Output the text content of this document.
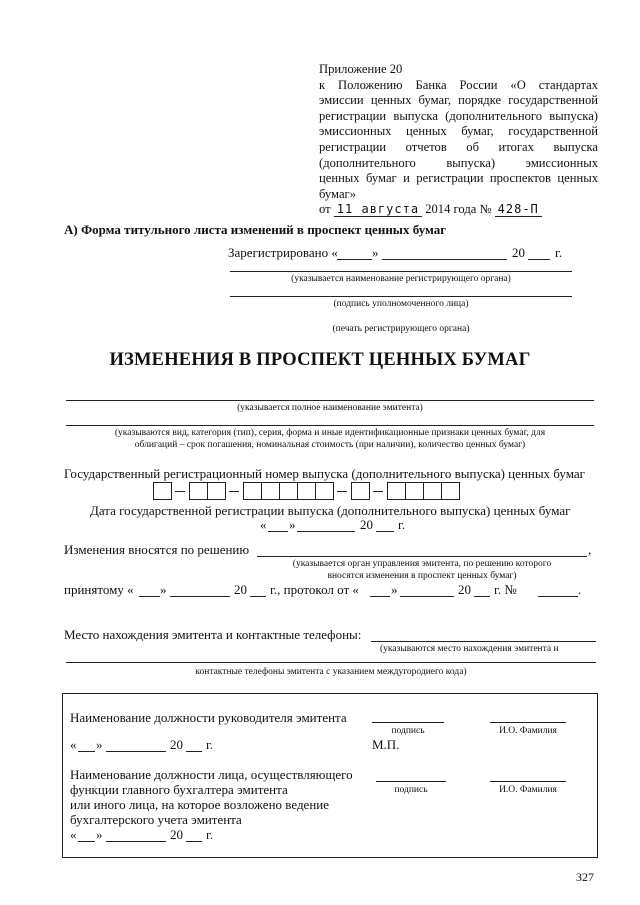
Приложение 20
к Положению Банка России «О стандартах
эмиссии ценных бумаг, порядке государственной
регистрации выпуска (дополнительного выпуска)
эмиссионных ценных бумаг, государственной
регистрации отчетов об итогах выпуска
(дополнительного выпуска) эмиссионных
ценных бумаг и регистрации проспектов ценных
бумаг»
от 11 августа 2014 года № 428-П
А) Форма титульного листа изменений в проспект ценных бумаг
Зарегистрировано «	»	20 г.
(указывается наименование регистрирующего органа)
(подпись уполномоченного лица)
(печать регистрирующего органа)
ИЗМЕНЕНИЯ В ПРОСПЕКТ ЦЕННЫХ БУМАГ
(указывается полное наименование эмитента)
(указываются вид, категория (тип), серия, форма и иные идентификационные признаки ценных бумаг, для
облигаций – срок погашения, номинальная стоимость (при наличии), количество ценных бумаг)
Государственный регистрационный номер выпуска (дополнительного выпуска) ценных бумаг
Дата государственной регистрации выпуска (дополнительного выпуска) ценных бумаг
« »	20 г.
Изменения вносятся по решению	,
(указывается орган управления эмитента, по решению которого
вносятся изменения в проспект ценных бумаг)
принятому « »	20 г., протокол от « »	20 г. №	.
Место нахождения эмитента и контактные телефоны:
(указываются место нахождения эмитента и
контактные телефоны эмитента с указанием междугородиего кода)
Наименование должности руководителя эмитента
подпись	И.О. Фамилия
« »	20 г.	М.П.
Наименование должности лица, осуществляющего
функции главного бухгалтера эмитента
или иного лица, на которое возложено ведение
бухгалтерского учета эмитента
подпись	И.О. Фамилия
« »	20 г.
327
